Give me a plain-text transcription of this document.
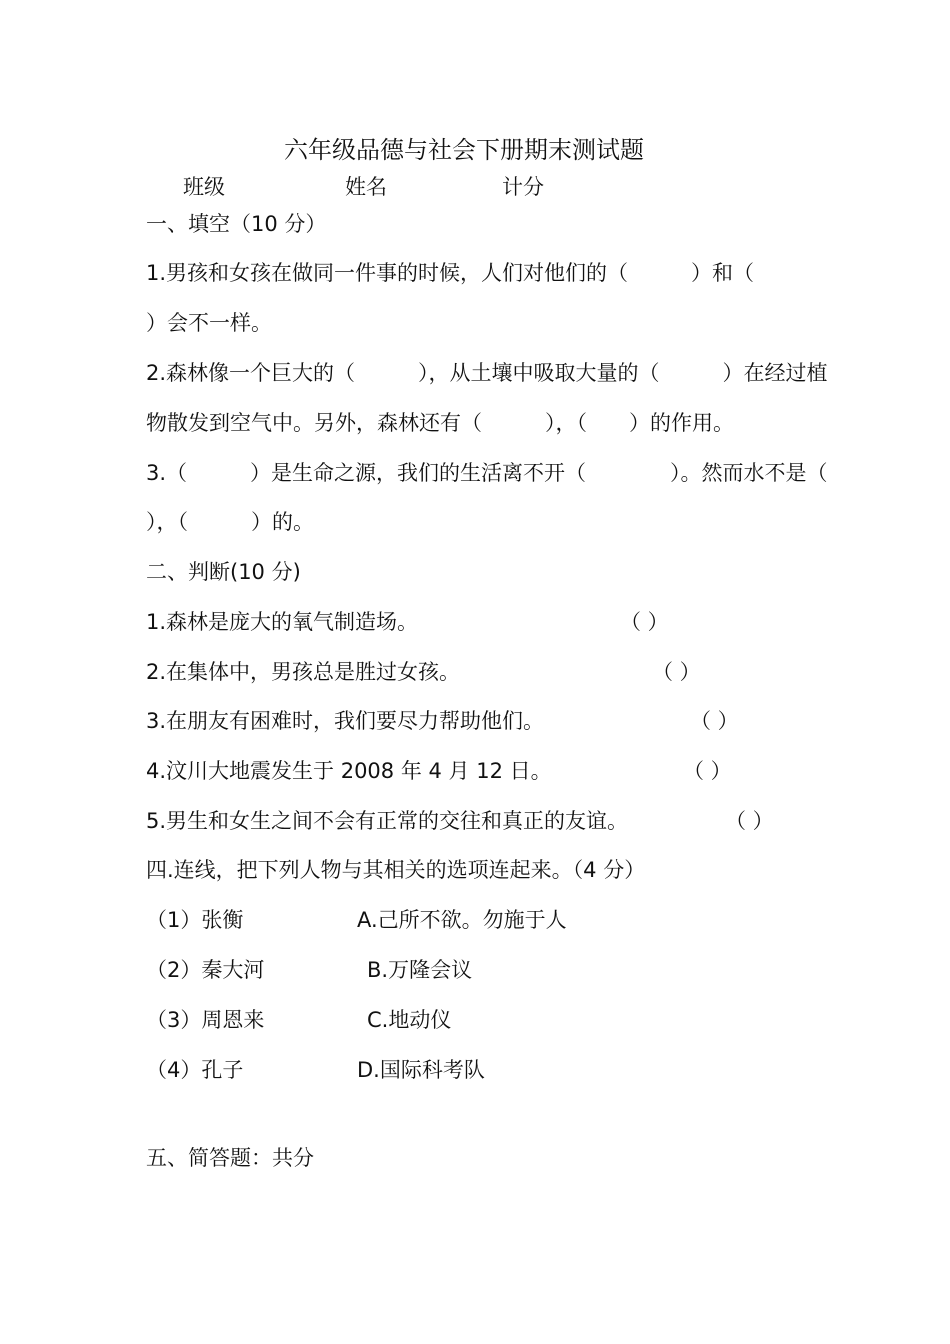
六年级品德与社会下册期末测试题
班级	姓名	计分
一、填空（10 分）
1.男孩和女孩在做同一件事的时候，人们对他们的（　　　）和（
）会不一样。
2.森林像一个巨大的（　　　），从土壤中吸取大量的（　　　）在经过植
物散发到空气中。另外，森林还有（　　　），（　　）的作用。
3.（　　　）是生命之源，我们的生活离不开（　　　　）。然而水不是（
），（　　　）的。
二、判断(10 分)
1.森林是庞大的氧气制造场。	（ ）
2.在集体中，男孩总是胜过女孩。	（ ）
3.在朋友有困难时，我们要尽力帮助他们。	（ ）
4.汶川大地震发生于 2008 年 4 月 12 日。	（ ）
5.男生和女生之间不会有正常的交往和真正的友谊。	（ ）
四.连线，把下列人物与其相关的选项连起来。（4 分）
（1）张衡	A.己所不欲。勿施于人
（2）秦大河	B.万隆会议
（3）周恩来	C.地动仪
（4）孔子	D.国际科考队
五、简答题：共分
